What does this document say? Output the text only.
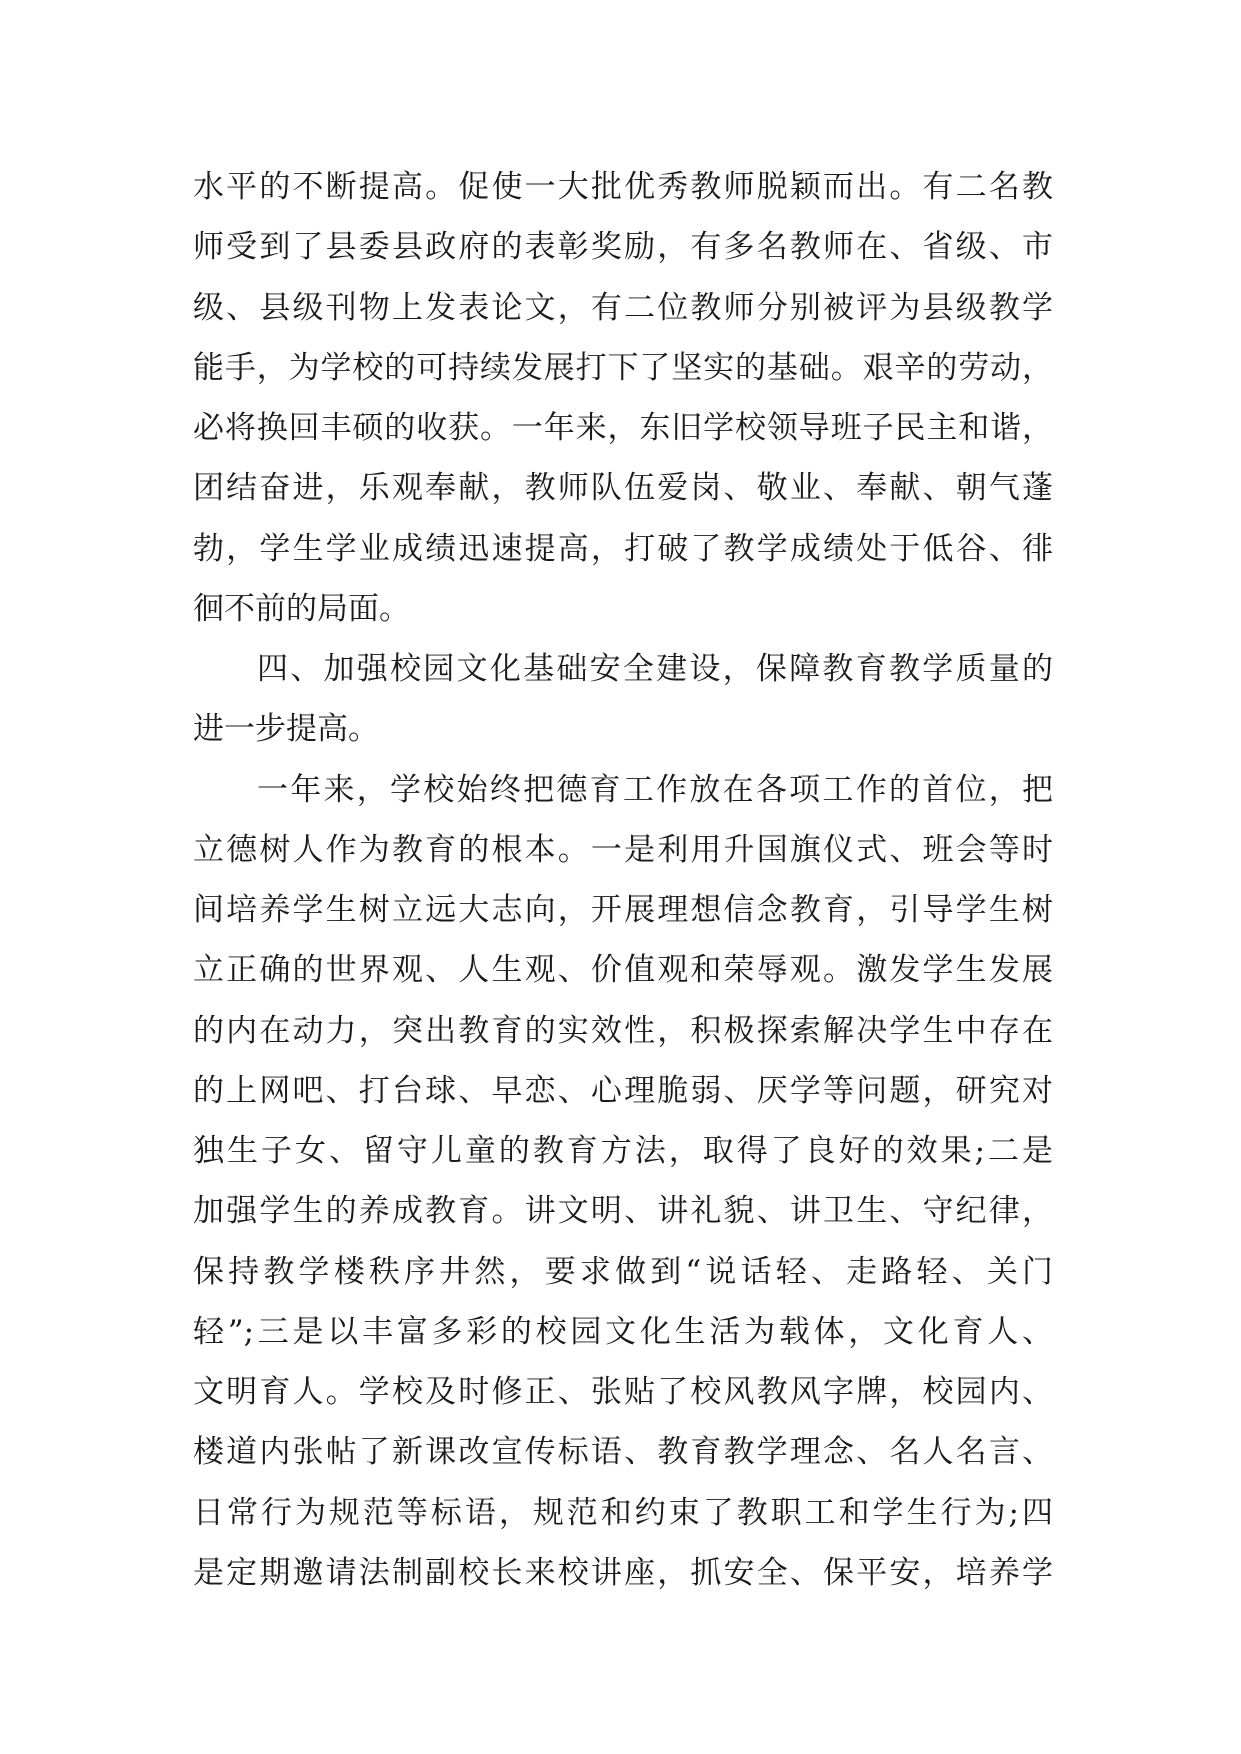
水平的不断提高。促使一大批优秀教师脱颖而出。有二名教
师受到了县委县政府的表彰奖励，有多名教师在、省级、市
级、县级刊物上发表论文，有二位教师分别被评为县级教学
能手，为学校的可持续发展打下了坚实的基础。艰辛的劳动，
必将换回丰硕的收获。一年来，东旧学校领导班子民主和谐，
团结奋进，乐观奉献，教师队伍爱岗、敬业、奉献、朝气蓬
勃，学生学业成绩迅速提高，打破了教学成绩处于低谷、徘
徊不前的局面。
四、加强校园文化基础安全建设，保障教育教学质量的
进一步提高。
一年来，学校始终把德育工作放在各项工作的首位，把
立德树人作为教育的根本。一是利用升国旗仪式、班会等时
间培养学生树立远大志向，开展理想信念教育，引导学生树
立正确的世界观、人生观、价值观和荣辱观。激发学生发展
的内在动力，突出教育的实效性，积极探索解决学生中存在
的上网吧、打台球、早恋、心理脆弱、厌学等问题，研究对
独生子女、留守儿童的教育方法，取得了良好的效果;二是
加强学生的养成教育。讲文明、讲礼貌、讲卫生、守纪律，
保持教学楼秩序井然，要求做到“说话轻、走路轻、关门
轻”;三是以丰富多彩的校园文化生活为载体，文化育人、
文明育人。学校及时修正、张贴了校风教风字牌，校园内、
楼道内张帖了新课改宣传标语、教育教学理念、名人名言、
日常行为规范等标语，规范和约束了教职工和学生行为;四
是定期邀请法制副校长来校讲座，抓安全、保平安，培养学
